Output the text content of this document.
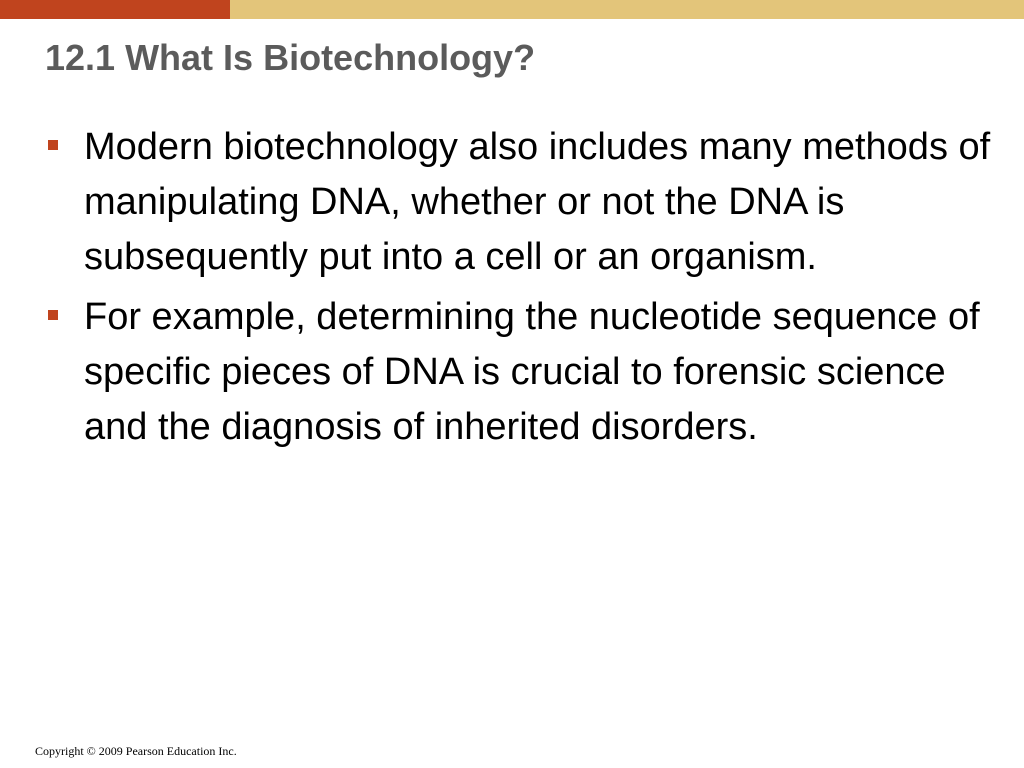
12.1 What Is Biotechnology?
Modern biotechnology also includes many methods of manipulating DNA, whether or not the DNA is subsequently put into a cell or an organism.
For example, determining the nucleotide sequence of specific pieces of DNA is crucial to forensic science and the diagnosis of inherited disorders.

Copyright © 2009 Pearson Education Inc.
